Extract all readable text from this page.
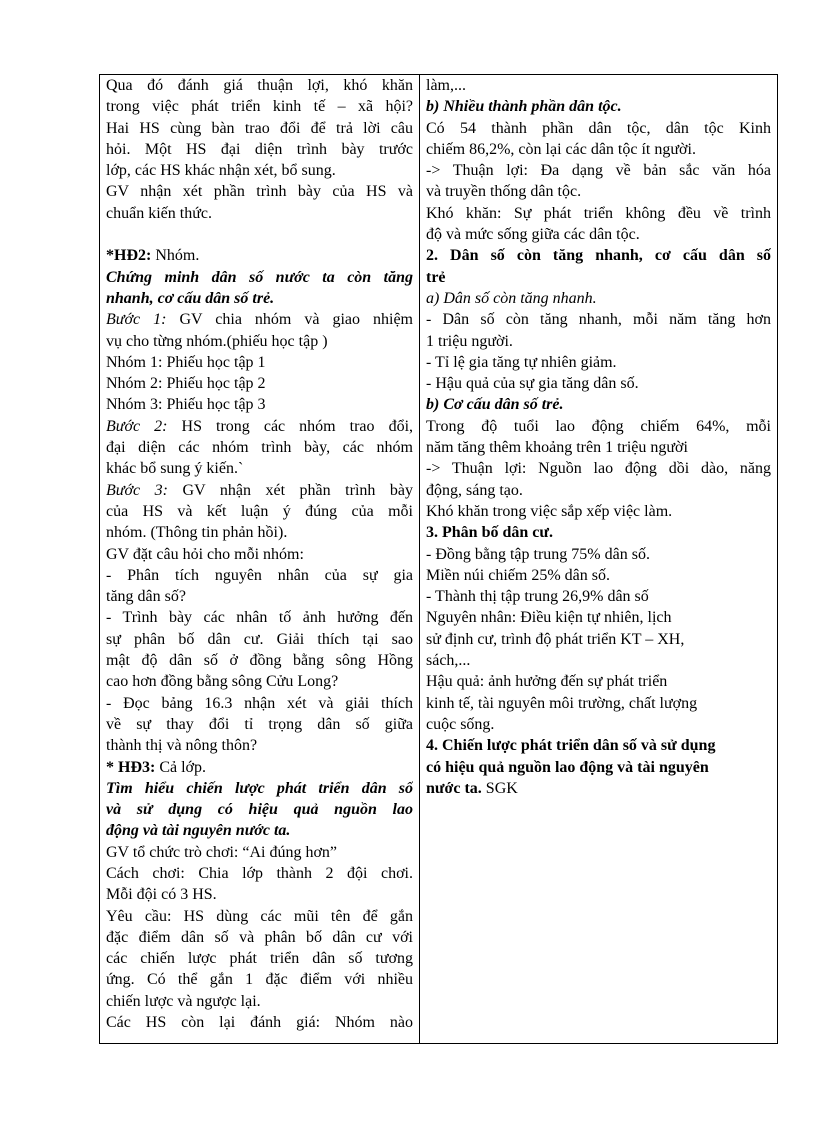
Qua đó đánh giá thuận lợi, khó khăn
trong việc phát triển kinh tế – xã hội?
Hai HS cùng bàn trao đổi để trả lời câu
hỏi. Một HS đại diện trình bày trước
lớp, các HS khác nhận xét, bổ sung.
GV nhận xét phần trình bày của HS và
chuẩn kiến thức.
*HĐ2: Nhóm.
Chứng minh dân số nước ta còn tăng
nhanh, cơ cấu dân số trẻ.
Bước 1: GV chia nhóm và giao nhiệm
vụ cho từng nhóm.(phiếu học tập )
Nhóm 1: Phiếu học tập 1
Nhóm 2: Phiếu học tập 2
Nhóm 3: Phiếu học tập 3
Bước 2: HS trong các nhóm trao đổi,
đại diện các nhóm trình bày, các nhóm
khác bổ sung ý kiến.`
Bước 3: GV nhận xét phần trình bày
của HS và kết luận ý đúng của mỗi
nhóm. (Thông tin phản hồi).
GV đặt câu hỏi cho mỗi nhóm:
- Phân tích nguyên nhân của sự gia
tăng dân số?
- Trình bày các nhân tố ảnh hưởng đến
sự phân bố dân cư. Giải thích tại sao
mật độ dân số ở đồng bằng sông Hồng
cao hơn đồng bằng sông Cửu Long?
- Đọc bảng 16.3 nhận xét và giải thích
về sự thay đổi tỉ trọng dân số giữa
thành thị và nông thôn?
* HĐ3: Cả lớp.
Tìm hiểu chiến lược phát triển dân số
và sử dụng có hiệu quả nguồn lao
động và tài nguyên nước ta.
GV tổ chức trò chơi: “Ai đúng hơn”
Cách chơi: Chia lớp thành 2 đội chơi.
Mỗi đội có 3 HS.
Yêu cầu: HS dùng các mũi tên để gắn
đặc điểm dân số và phân bố dân cư với
các chiến lược phát triển dân số tương
ứng. Có thể gắn 1 đặc điểm với nhiều
chiến lược và ngược lại.
Các HS còn lại đánh giá: Nhóm nào

làm,...
b) Nhiều thành phần dân tộc.
Có 54 thành phần dân tộc, dân tộc Kinh
chiếm 86,2%, còn lại các dân tộc ít người.
-> Thuận lợi: Đa dạng về bản sắc văn hóa
và truyền thống dân tộc.
Khó khăn: Sự phát triển không đều về trình
độ và mức sống giữa các dân tộc.
2. Dân số còn tăng nhanh, cơ cấu dân số
trẻ
a) Dân số còn tăng nhanh.
- Dân số còn tăng nhanh, mỗi năm tăng hơn
1 triệu người.
- Tỉ lệ gia tăng tự nhiên giảm.
- Hậu quả của sự gia tăng dân số.
b) Cơ cấu dân số trẻ.
Trong độ tuổi lao động chiếm 64%, mỗi
năm tăng thêm khoảng trên 1 triệu người
-> Thuận lợi: Nguồn lao động dồi dào, năng
động, sáng tạo.
Khó khăn trong việc sắp xếp việc làm.
3. Phân bố dân cư.
- Đồng bằng tập trung 75% dân số.
Miền núi chiếm 25% dân số.
- Thành thị tập trung 26,9% dân số
Nguyên nhân: Điều kiện tự nhiên, lịch
sử định cư, trình độ phát triển KT – XH,
sách,...
Hậu quả: ảnh hưởng đến sự phát triển
kinh tế, tài nguyên môi trường, chất lượng
cuộc sống.
4. Chiến lược phát triển dân số và sử dụng
có hiệu quả nguồn lao động và tài nguyên
nước ta. SGK
